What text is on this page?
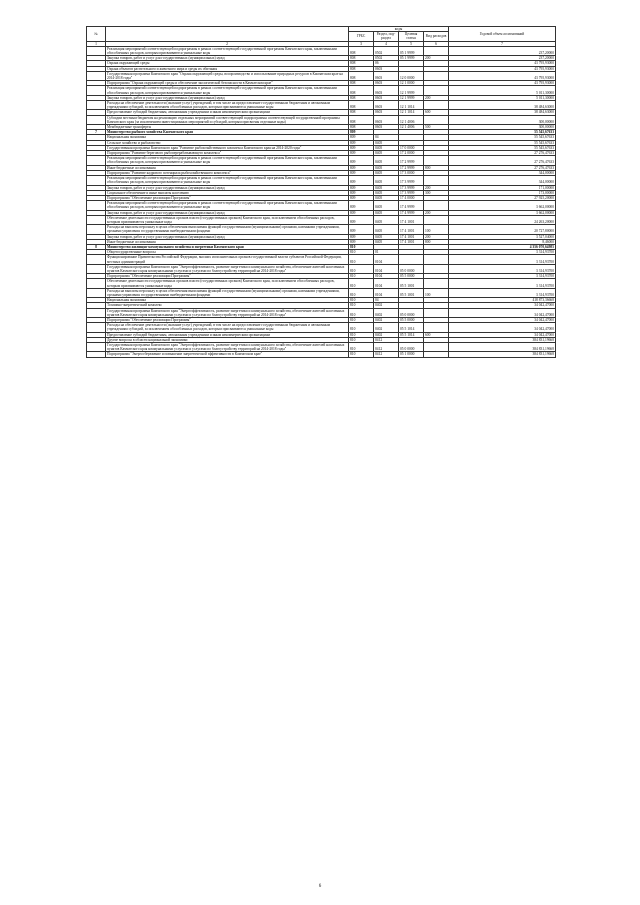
№		коды				Годовой объем ассигнований
		ГРБС	Раздел, под-раздел	Целевая статья	Вид расходов	
1	2	3	4	5	6	7
	Реализация мероприятий соответствующей подпрограммы в рамках соответствующей государственной программы Камчатского края, заключенными обособленных расходов, которым присваиваются уникальные коды	808	0502	05 1 9999		237,20000
	Закупка товаров, работ и услуг для государственных (муниципальных) нужд	808	0502	05 1 9999	200	237,20000
	Охрана окружающей среды	808	06			43 795,93000
	Охрана объектов растительного и животного мира и среды их обитания	808	0603			43 795,93000
	Государственная программа Камчатского края "Охрана окружающей среды, воспроизводство и использование природных ресурсов в Камчатском крае на 2014-2018 годы"	808	0603	12 0 0000		43 795,93000
	Подпрограмма "Охрана окружающей среды и обеспечение экологической безопасности в Камчатском крае"	808	0603	12 1 0000		43 795,93000
	Реализация мероприятий соответствующей подпрограммы в рамках соответствующей государственной программы Камчатского края, заключенными обособленных расходов, которым присваиваются уникальные коды	808	0603	12 1 9999		5 011,30000
	Закупка товаров, работ и услуг для государственных (муниципальных) нужд	808	0603	12 1 9999	200	5 011,30000
	Расходы на обеспечение деятельности (оказание услуг) учреждений, в том числе на предоставление государственным бюджетным и автономным учреждениям субсидий, за исключением обособленных расходов, которым присваиваются уникальные коды	808	0603	12 1 1014		38 484,63000
	Предоставление субсидий бюджетным, автономным учреждениям и иным некоммерческим организациям	808	0603	12 1 1014	600	38 484,63000
	Субсидии местным бюджетам на реализацию отдельных мероприятий соответствующей подпрограммы соответствующей государственной программы Камчатского края (за исключением инвестиционных мероприятий и субсидий, которым присвоены отдельные коды)	808	0603	12 1 4006		300,00000
	Межбюджетные трансферты	808	0603	12 1 4006	500	300,00000
7	Министерство рыбного хозяйства Камчатского края	809				55 545,67633
	Национальная экономика	809	04			55 545,67633
	Сельское хозяйство и рыболовство	809	0405			55 545,67633
	Государственная программа Камчатского края "Развитие рыбохозяйственного комплекса Камчатского края на 2014-2020 годы"	809	0405	17 0 0000		55 545,67633
	Подпрограмма "Развитие берегового рыбоперерабатывающего комплекса"	809	0405	17 2 0000		27 276,47633
	Реализация мероприятий соответствующей подпрограммы в рамках соответствующей государственной программы Камчатского края, заключенными обособленных расходов, которым присваиваются уникальные коды	809	0405	17 2 9999		27 276,47633
	Иные бюджетные ассигнования	809	0405	17 2 9999	800	27 276,47633
	Подпрограмма "Развитие кадрового потенциала рыбохозяйственного комплекса"	809	0405	17 3 0000		344,00000
	Реализация мероприятий соответствующей подпрограммы в рамках соответствующей государственной программы Камчатского края, заключенными обособленных расходов, которым присваиваются уникальные коды	809	0405	17 3 9999		344,00000
	Закупка товаров, работ и услуг для государственных (муниципальных) нужд	809	0405	17 3 9999	200	171,00000
	Социальное обеспечение и иные выплаты населению	809	0405	17 3 9999	300	173,00000
	Подпрограмма "Обеспечение реализации Программы"	809	0405	17 4 0000		27 925,20000
	Реализация мероприятий соответствующей подпрограммы в рамках соответствующей государственной программы Камчатского края, заключенными обособленных расходов, которым присваиваются уникальные коды	809	0405	17 4 9999		3 662,00000
	Закупка товаров, работ и услуг для государственных (муниципальных) нужд	809	0405	17 4 9999	200	3 662,00000
	Обеспечение деятельности государственных органов власти (государственных органов) Камчатского края, за исключением обособленных расходов, которым присваиваются уникальные коды	809	0405	17 4 1001		24 263,20000
	Расходы на выплаты персоналу в целях обеспечения выполнения функций государственными (муниципальными) органами, казенными учреждениями, органами управления государственными внебюджетными фондами	809	0405	17 4 1001	100	20 727,80000
	Закупка товаров, работ и услуг для государственных (муниципальных) нужд	809	0405	17 4 1001	200	3 527,04000
	Иные бюджетные ассигнования	809	0405	17 4 1001	800	8,46000
8	Министерство жилищно-коммунального хозяйства и энергетики Камчатского края	810				4 356 070,64985
	Общегосударственные вопросы	810	01			3 314,93700
	Функционирование Правительства Российской Федерации, высших исполнительных органов государственной власти субъектов Российской Федерации, местных администраций	810	0104			3 314,93700
	Государственная программа Камчатского края "Энергоэффективность, развитие энергетики и коммунального хозяйства, обеспечение жителей населенных пунктов Камчатского края коммунальными услугами и услугами по благоустройству территорий на 2014-2018 годы"	810	0104	05 0 0000		3 314,93700
	Подпрограмма "Обеспечение реализации Программы"	810	0104	05 5 0000		3 314,93700
	Обеспечение деятельности государственных органов власти (государственных органов) Камчатского края, за исключением обособленных расходов, которым присваиваются уникальные коды	810	0104	05 5 1001		3 314,93700
	Расходы на выплаты персоналу в целях обеспечения выполнения функций государственными (муниципальными) органами, казенными учреждениями, органами управления государственными внебюджетными фондами	810	0104	05 5 1001	100	3 314,93700
	Национальная экономика	810	04			418 873,36668
	Топливно-энергетический комплекс	810	0402			34 042,47000
	Государственная программа Камчатского края "Энергоэффективность, развитие энергетики и коммунального хозяйства, обеспечение жителей населенных пунктов Камчатского края коммунальными услугами и услугами по благоустройству территорий на 2014-2018 годы"	810	0402	05 0 0000		34 042,47000
	Подпрограмма "Обеспечение реализации Программы"	810	0402	05 5 0000		34 042,47000
	Расходы на обеспечение деятельности (оказание услуг) учреждений, в том числе на предоставление государственным бюджетным и автономным учреждениям субсидий, за исключением обособленных расходов, которым присваиваются уникальные коды	810	0402	05 5 1014		34 042,47000
	Предоставление субсидий бюджетным, автономным учреждениям и иным некоммерческим организациям	810	0402	05 5 1014	600	34 042,47000
	Другие вопросы в области национальной экономики	810	0412			384 831,19668
	Государственная программа Камчатского края "Энергоэффективность, развитие энергетики и коммунального хозяйства, обеспечение жителей населенных пунктов Камчатского края коммунальными услугами и услугами по благоустройству территорий на 2014-2018 годы"	810	0412	05 0 0000		384 831,19668
	Подпрограмма "Энергосбережение и повышение энергетической эффективности в Камчатском крае"	810	0412	05 1 0000		384 831,19668
6
